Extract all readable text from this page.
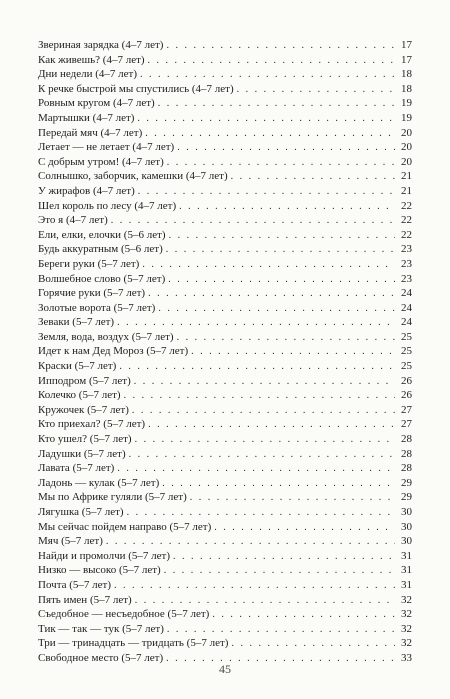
Звериная зарядка (4–7 лет) . . .	17
Как живешь? (4–7 лет) . . .	17
Дни недели (4–7 лет) . . .	18
К речке быстрой мы спустились (4–7 лет) . . .	18
Ровным кругом (4–7 лет) . . .	19
Мартышки (4–7 лет) . . .	19
Передай мяч (4–7 лет) . . .	20
Летает — не летает (4–7 лет) . . .	20
С добрым утром! (4–7 лет) . . .	20
Солнышко, заборчик, камешки (4–7 лет) . . .	21
У жирафов (4–7 лет) . . .	21
Шел король по лесу (4–7 лет) . . .	22
Это я (4–7 лет) . . .	22
Ели, елки, елочки (5–6 лет) . . .	22
Будь аккуратным (5–6 лет) . . .	23
Береги руки (5–7 лет) . . .	23
Волшебное слово (5–7 лет) . . .	23
Горячие руки (5–7 лет) . . .	24
Золотые ворота (5–7 лет) . . .	24
Зеваки (5–7 лет) . . .	24
Земля, вода, воздух (5–7 лет) . . .	25
Идет к нам Дед Мороз (5–7 лет) . . .	25
Краски (5–7 лет) . . .	25
Ипподром (5–7 лет) . . .	26
Колечко (5–7 лет) . . .	26
Кружочек (5–7 лет) . . .	27
Кто приехал? (5–7 лет) . . .	27
Кто ушел? (5–7 лет) . . .	28
Ладушки (5–7 лет) . . .	28
Лавата (5–7 лет) . . .	28
Ладонь — кулак (5–7 лет) . . .	29
Мы по Африке гуляли (5–7 лет) . . .	29
Лягушка (5–7 лет) . . .	30
Мы сейчас пойдем направо (5–7 лет) . . .	30
Мяч (5–7 лет) . . .	30
Найди и промолчи (5–7 лет) . . .	31
Низко — высоко (5–7 лет) . . .	31
Почта (5–7 лет) . . .	31
Пять имен (5–7 лет) . . .	32
Съедобное — несъедобное (5–7 лет) . . .	32
Тик — так — тук (5–7 лет) . . .	32
Три — тринадцать — тридцать (5–7 лет) . . .	32
Свободное место (5–7 лет) . . .	33
45
